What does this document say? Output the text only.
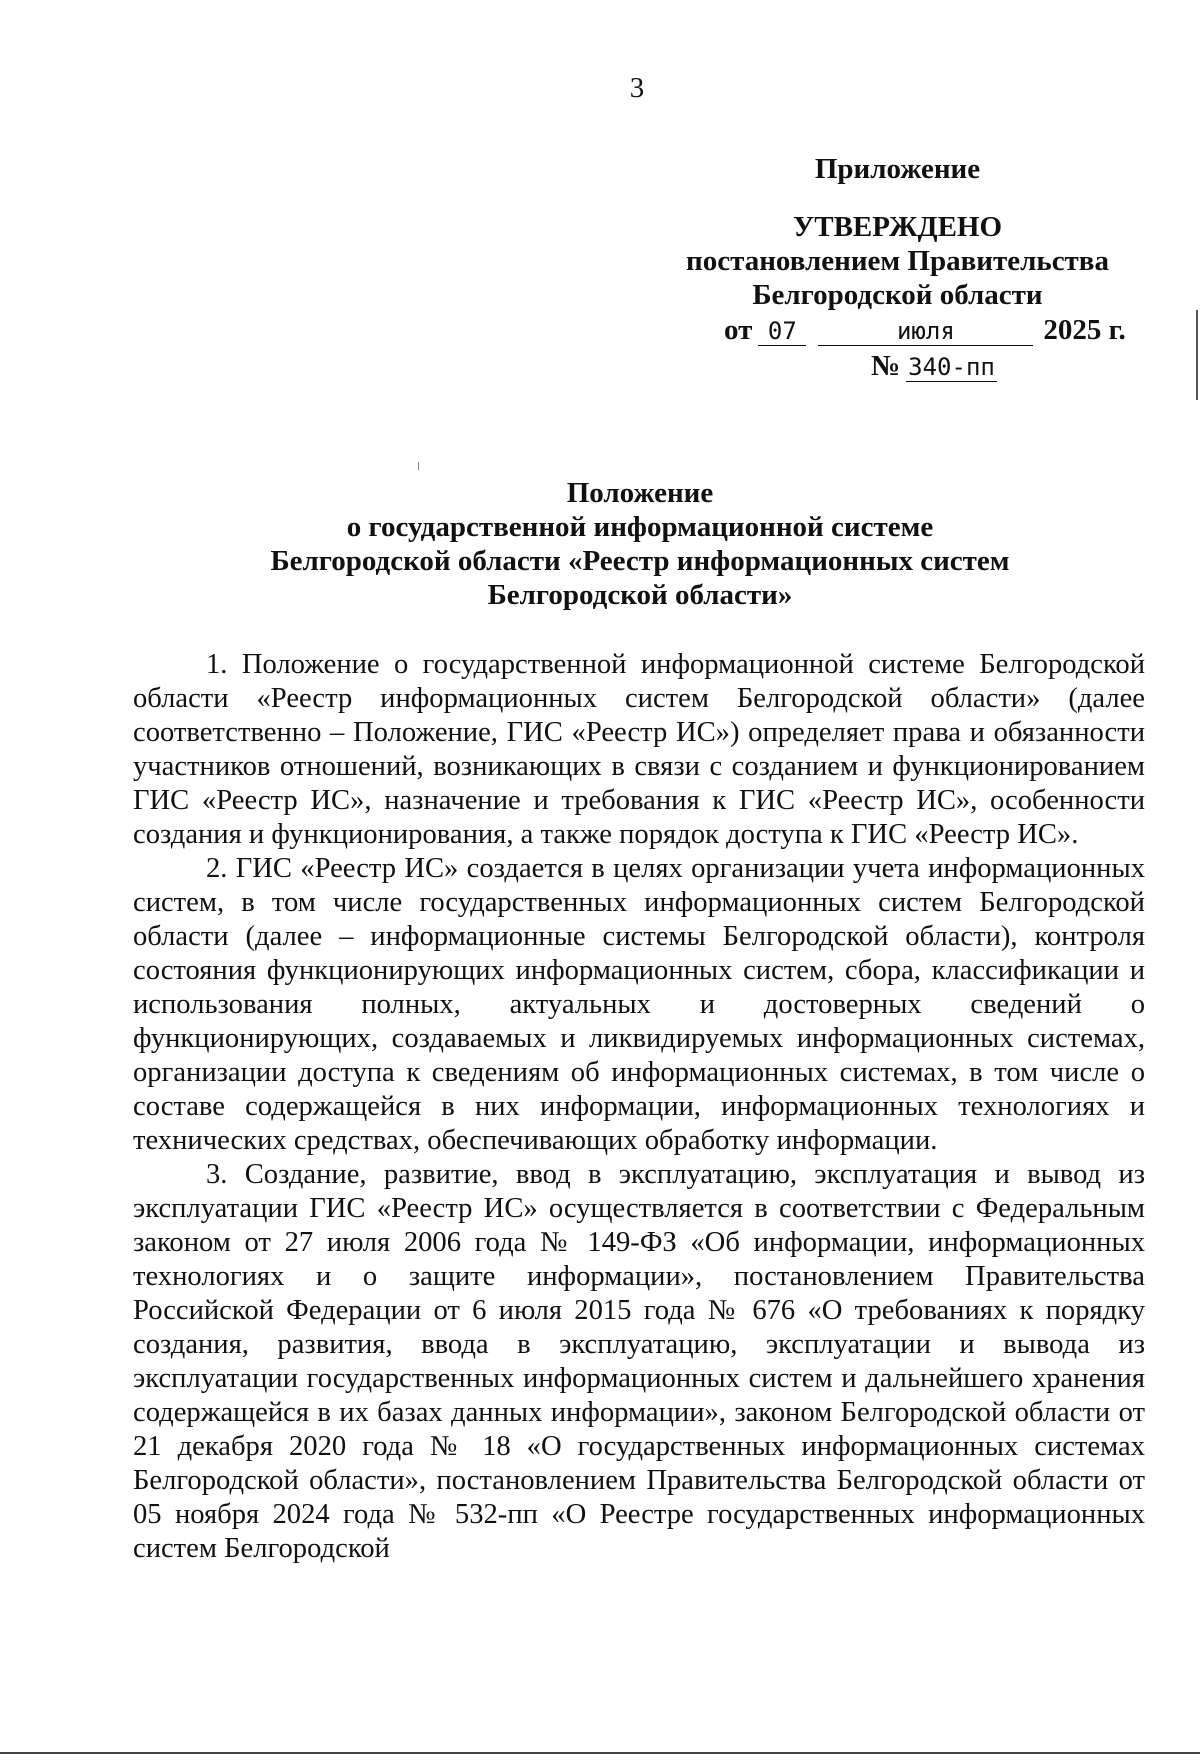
3
Приложение
УТВЕРЖДЕНО
постановлением Правительства
Белгородской области
от 07	июля	2025 г.
№ 340-пп
Положение
о государственной информационной системе
Белгородской области «Реестр информационных систем
Белгородской области»

1. Положение о государственной информационной системе Белгородской области «Реестр информационных систем Белгородской области» (далее соответственно – Положение, ГИС «Реестр ИС») определяет права и обязанности участников отношений, возникающих в связи с созданием и функционированием ГИС «Реестр ИС», назначение и требования к ГИС «Реестр ИС», особенности создания и функционирования, а также порядок доступа к ГИС «Реестр ИС».

2. ГИС «Реестр ИС» создается в целях организации учета информационных систем, в том числе государственных информационных систем Белгородской области (далее – информационные системы Белгородской области), контроля состояния функционирующих информационных систем, сбора, классификации и использования полных, актуальных и достоверных сведений о функционирующих, создаваемых и ликвидируемых информационных системах, организации доступа к сведениям об информационных системах, в том числе о составе содержащейся в них информации, информационных технологиях и технических средствах, обеспечивающих обработку информации.

3. Создание, развитие, ввод в эксплуатацию, эксплуатация и вывод из эксплуатации ГИС «Реестр ИС» осуществляется в соответствии с Федеральным законом от 27 июля 2006 года № 149-ФЗ «Об информации, информационных технологиях и о защите информации», постановлением Правительства Российской Федерации от 6 июля 2015 года № 676 «О требованиях к порядку создания, развития, ввода в эксплуатацию, эксплуатации и вывода из эксплуатации государственных информационных систем и дальнейшего хранения содержащейся в их базах данных информации», законом Белгородской области от 21 декабря 2020 года № 18 «О государственных информационных системах Белгородской области», постановлением Правительства Белгородской области от 05 ноября 2024 года № 532-пп «О Реестре государственных информационных систем Белгородской
